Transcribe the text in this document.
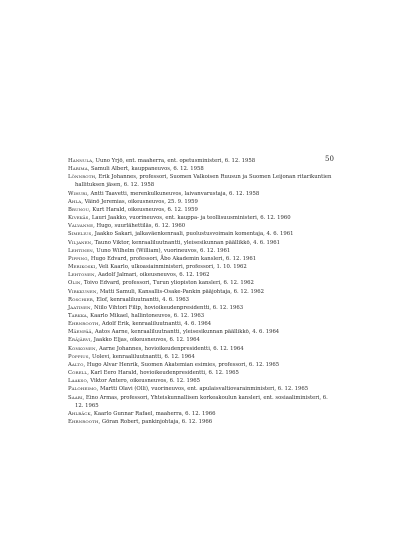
50
Hannula, Uuno Yrjö, ent. maaherra, ent. opetusministeri, 6. 12. 1958
Harima, Samuli Albert, kauppaneuvos, 6. 12. 1958
Lönnroth, Erik Johannes, professori, Suomen Valkoisen Ruusun ja Suomen Leijonan ritarikuntien hallituksen jäsen, 6. 12. 1958
Wihuri, Antti Taavetti, merenkulkuneuvos, laivanvarustaja, 6. 12. 1958
Ahla, Väinö Jeremias, oikeusneuvos, 25. 9. 1959
Brunou, Kurt Harald, oikeusneuvos, 6. 12. 1959
Kivekäs, Lauri Jaakko, vuorineuvos, ent. kauppa- ja teollisuusministeri, 6. 12. 1960
Valvanne, Hugo, suurlähettiläs, 6. 12. 1960
Simelius, Jaakko Sakari, jalkaväenkenraali, puolustusvoimain komentaja, 4. 6. 1961
Viljanen, Tauno Viktor, kenraaliluutnantti, yleisesikunnan päällikkö, 4. 6. 1961
Lehtinen, Uuno Wilhelm (William), vuorineuvos, 6. 12. 1961
Pipping, Hugo Edvard, professori, Åbo Akademin kansleri, 6. 12. 1961
Merikoski, Veli Kaarlo, ulkoasiainministeri, professori, 1. 10. 1962
Lehtonen, Aadolf Jalmari, oikeusneuvos, 6. 12. 1962
Olin, Toivo Edvard, professori, Turun yliopiston kansleri, 6. 12. 1962
Virkkunen, Matti Samuli, Kansallis-Osake-Pankin pääjohtaja, 6. 12. 1962
Roschier, Elof, kenraaliluutnantti, 4. 6. 1963
Jaatinen, Niilo Vihtori Filip, hovioikeudenpresidentti, 6. 12. 1963
Tarkka, Kaarlo Mikael, hallintoneuvos, 6. 12. 1963
Ehrnrooth, Adolf Erik, kenraaliluutnantti, 4. 6. 1964
Mäenpää, Aatos Aarne, kenraaliluutnantti, yleisesikunnan päällikkö, 4. 6. 1964
Eräjärvi, Jaakko Eljas, oikeusneuvos, 6. 12. 1964
Konkonen, Aarne Johannes, hovioikeudenpresidentti, 6. 12. 1964
Poppius, Uolevi, kenraaliluutnantti, 6. 12. 1964
Aalto, Hugo Alvar Henrik, Suomen Akatemian esimies, professori, 6. 12. 1965
Corell, Karl Eero Harald, hovioikeudenpresidentti, 6. 12. 1965
Laakso, Viktor Antero, oikeusneuvos, 6. 12. 1965
Paloheimo, Martti Olavi (Olli), vuorineuvos, ent. apulaisvaltiovarainministeri, 6. 12. 1965
Saari, Eino Armas, professori, Yhteiskunnallisen korkeakoulun kansleri, ent. sosiaaliministeri, 6. 12. 1965
Ahlbäck, Kaarlo Gunnar Rafael, maaherra, 6. 12. 1966
Ehrnrooth, Göran Robert, pankinjohtaja, 6. 12. 1966
